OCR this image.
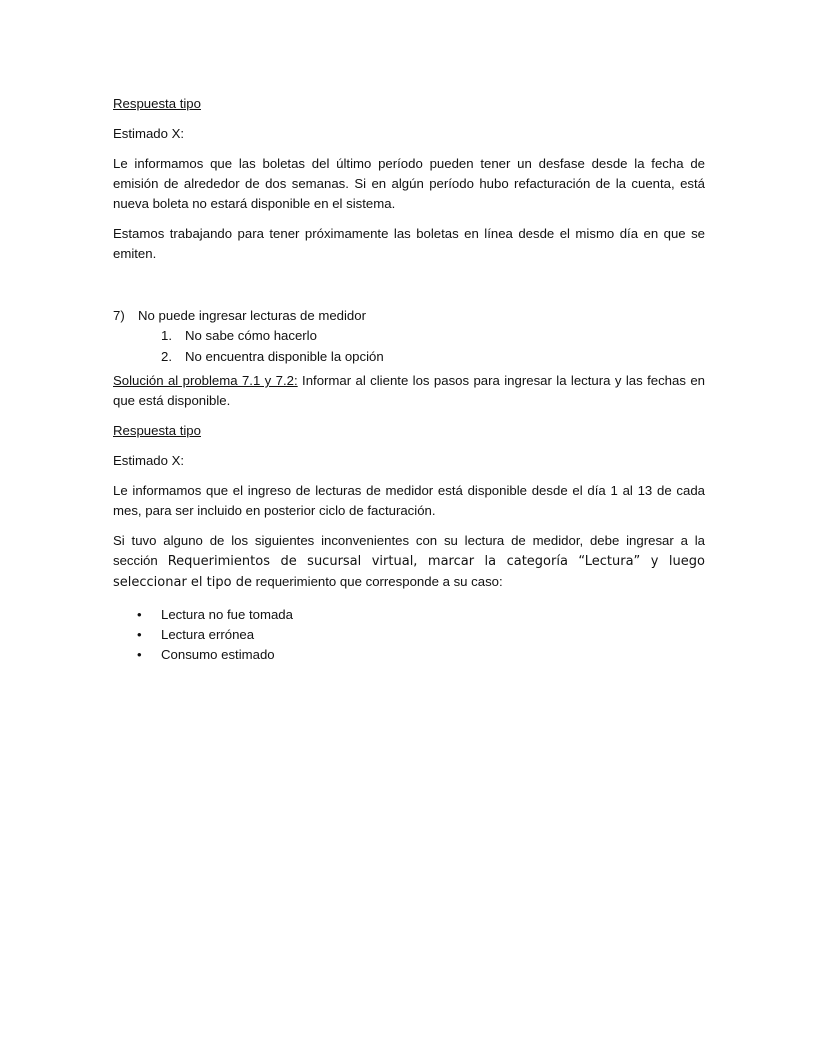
Respuesta tipo

Estimado X:

Le informamos que las boletas del último período pueden tener un desfase desde la fecha de emisión de alrededor de dos semanas. Si en algún período hubo refacturación de la cuenta, está nueva boleta no estará disponible en el sistema.

Estamos trabajando para tener próximamente las boletas en línea desde el mismo día en que se emiten.

7)	No puede ingresar lecturas de medidor
1. No sabe cómo hacerlo
2. No encuentra disponible la opción

Solución al problema 7.1 y 7.2: Informar al cliente los pasos para ingresar la lectura y las fechas en que está disponible.

Respuesta tipo

Estimado X:

Le informamos que el ingreso de lecturas de medidor está disponible desde el día 1 al 13 de cada mes, para ser incluido en posterior ciclo de facturación.

Si tuvo alguno de los siguientes inconvenientes con su lectura de medidor, debe ingresar a la sección Requerimientos de sucursal virtual, marcar la categoría “Lectura” y luego seleccionar el tipo de requerimiento que corresponde a su caso:

•	Lectura no fue tomada
•	Lectura errónea
•	Consumo estimado
